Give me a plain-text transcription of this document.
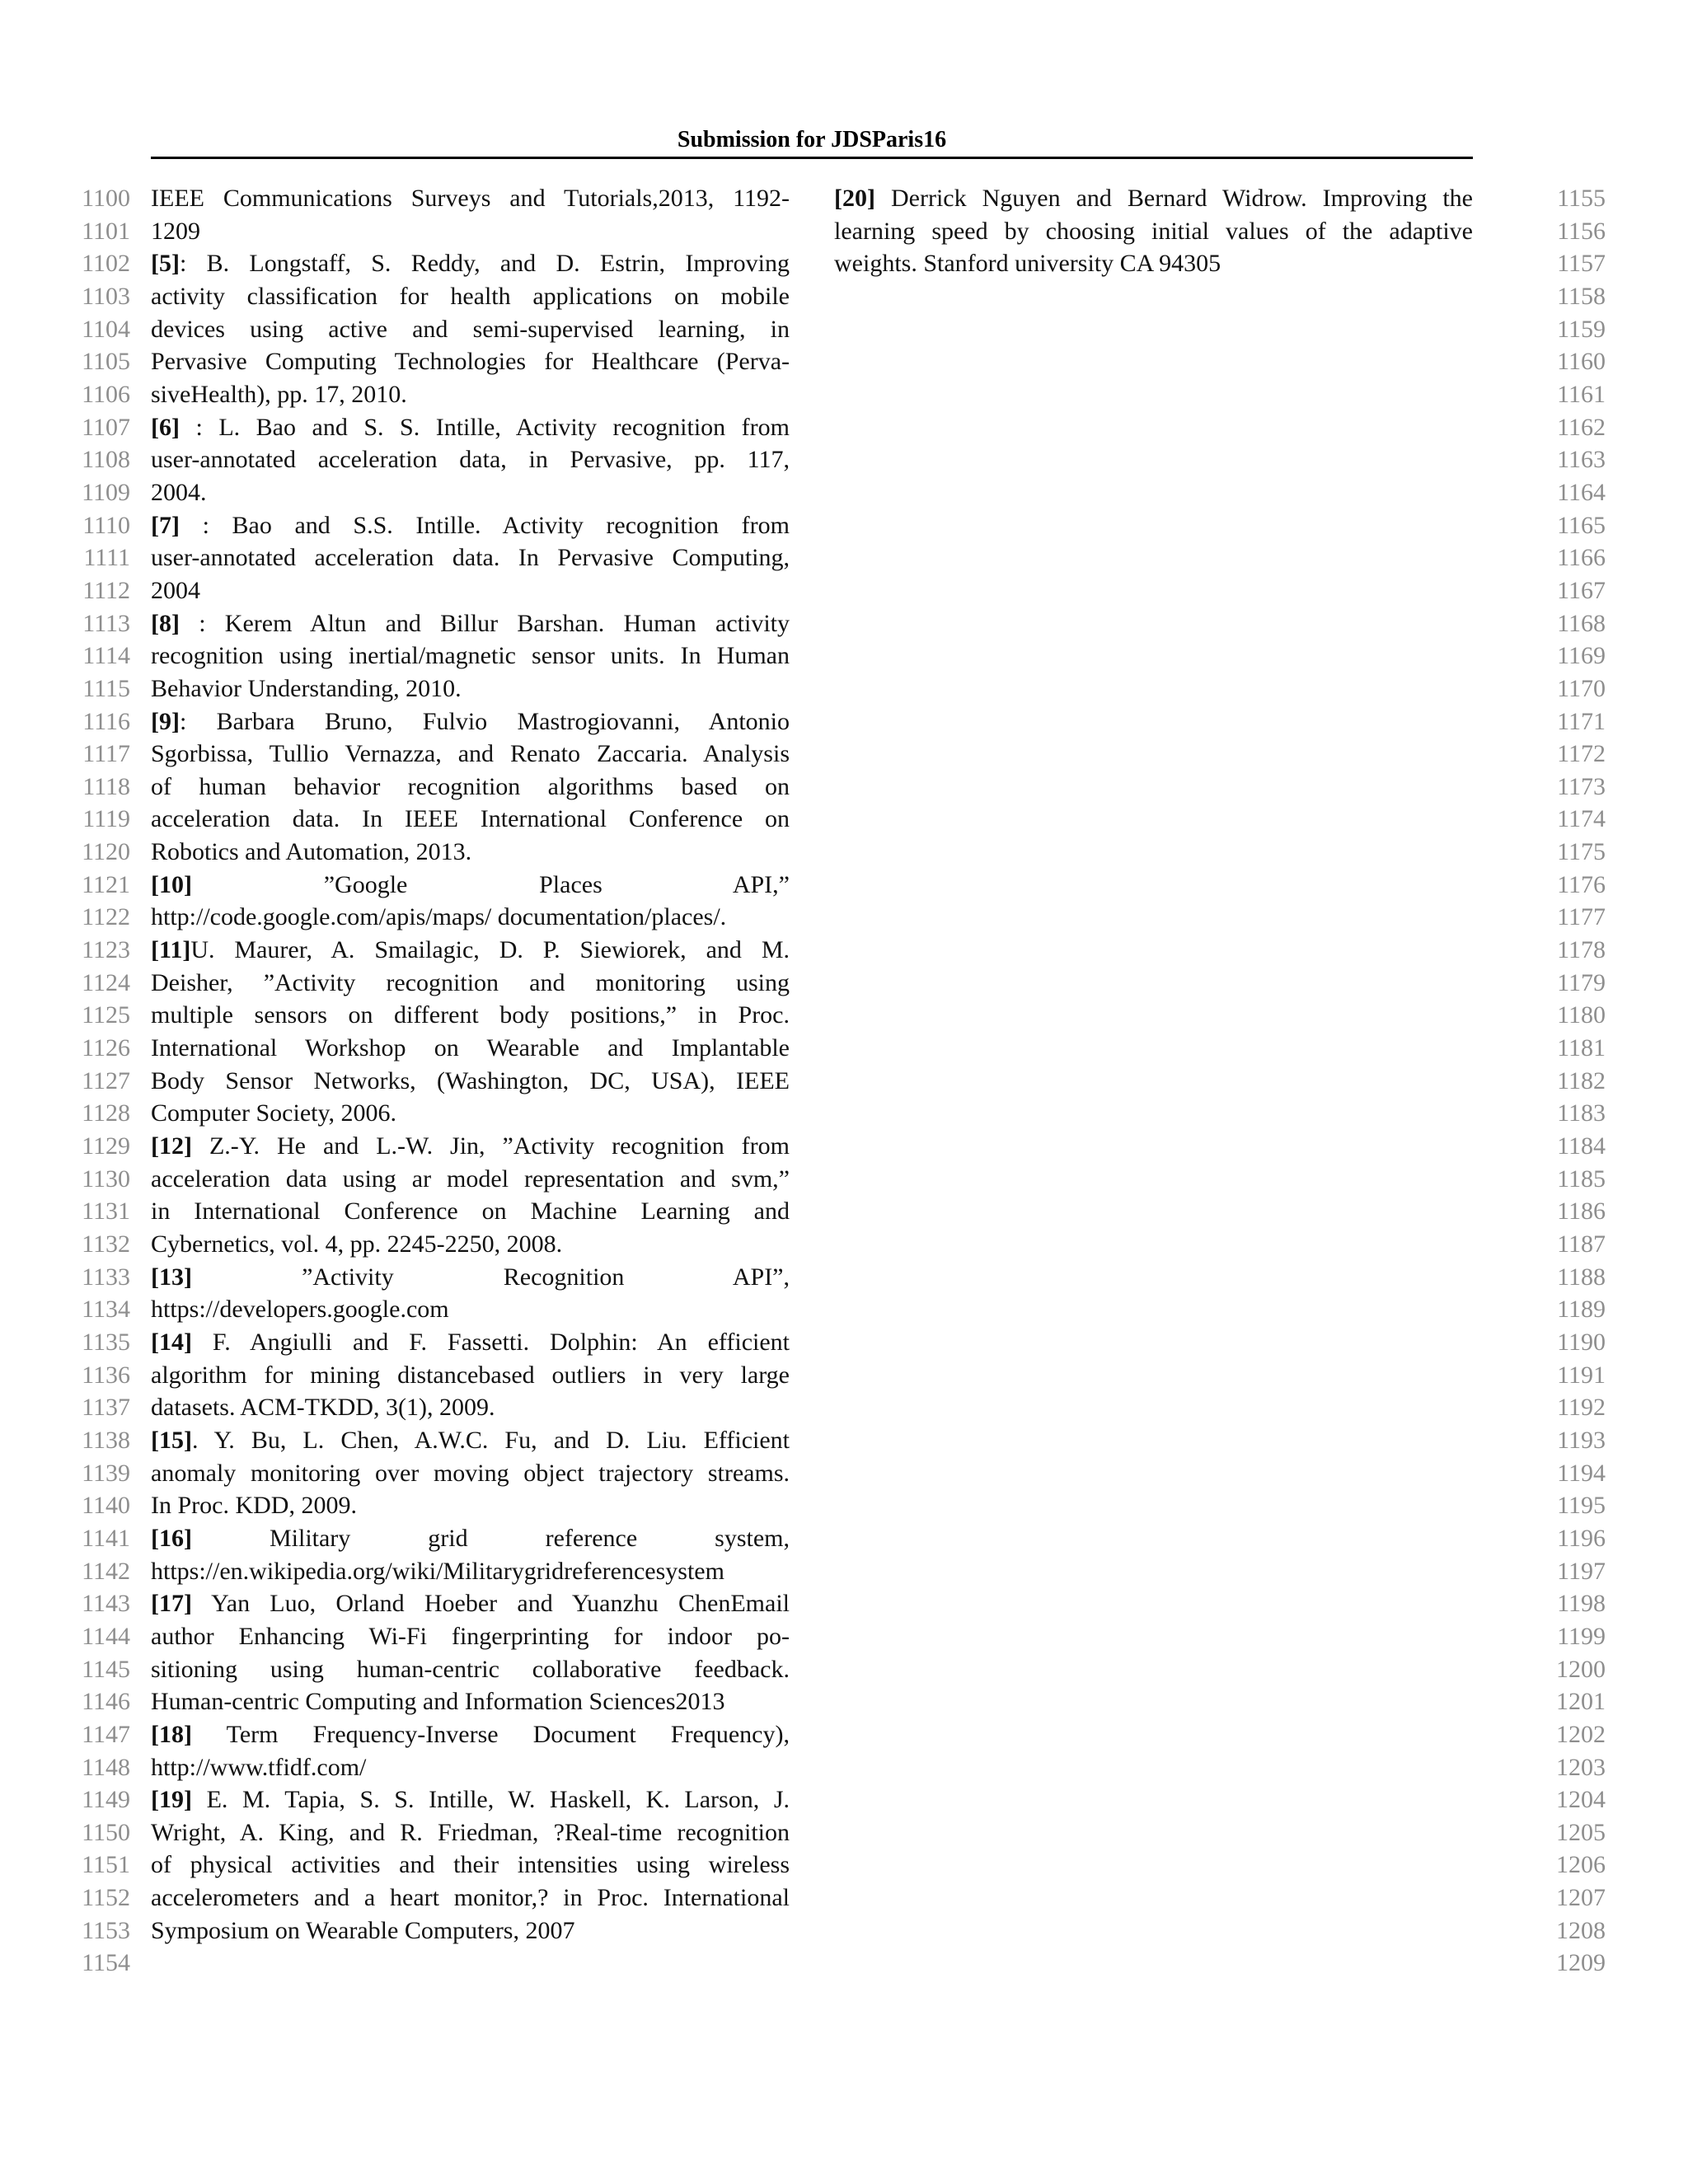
Submission for JDSParis16
1100
1101
1102
1103
1104
1105
1106
1107
1108
1109
1110
1111
1112
1113
1114
1115
1116
1117
1118
1119
1120
1121
1122
1123
1124
1125
1126
1127
1128
1129
1130
1131
1132
1133
1134
1135
1136
1137
1138
1139
1140
1141
1142
1143
1144
1145
1146
1147
1148
1149
1150
1151
1152
1153
1154
1155
1156
1157
1158
1159
1160
1161
1162
1163
1164
1165
1166
1167
1168
1169
1170
1171
1172
1173
1174
1175
1176
1177
1178
1179
1180
1181
1182
1183
1184
1185
1186
1187
1188
1189
1190
1191
1192
1193
1194
1195
1196
1197
1198
1199
1200
1201
1202
1203
1204
1205
1206
1207
1208
1209
IEEE Communications Surveys and Tutorials,2013, 1192-
1209
[5]: B. Longstaff, S. Reddy, and D. Estrin, Improving
activity classification for health applications on mobile
devices using active and semi-supervised learning, in
Pervasive Computing Technologies for Healthcare (Perva-
siveHealth), pp. 17, 2010.
[6] : L. Bao and S. S. Intille, Activity recognition from
user-annotated acceleration data, in Pervasive, pp. 117,
2004.
[7] : Bao and S.S. Intille. Activity recognition from
user-annotated acceleration data. In Pervasive Computing,
2004
[8] : Kerem Altun and Billur Barshan. Human activity
recognition using inertial/magnetic sensor units. In Human
Behavior Understanding, 2010.
[9]: Barbara Bruno, Fulvio Mastrogiovanni, Antonio
Sgorbissa, Tullio Vernazza, and Renato Zaccaria. Analysis
of human behavior recognition algorithms based on
acceleration data. In IEEE International Conference on
Robotics and Automation, 2013.
[10] ”Google Places API,”
http://code.google.com/apis/maps/ documentation/places/.
[11]U. Maurer, A. Smailagic, D. P. Siewiorek, and M.
Deisher, ”Activity recognition and monitoring using
multiple sensors on different body positions,” in Proc.
International Workshop on Wearable and Implantable
Body Sensor Networks, (Washington, DC, USA), IEEE
Computer Society, 2006.
[12] Z.-Y. He and L.-W. Jin, ”Activity recognition from
acceleration data using ar model representation and svm,”
in International Conference on Machine Learning and
Cybernetics, vol. 4, pp. 2245-2250, 2008.
[13] ”Activity Recognition API”,
https://developers.google.com
[14] F. Angiulli and F. Fassetti. Dolphin: An efficient
algorithm for mining distancebased outliers in very large
datasets. ACM-TKDD, 3(1), 2009.
[15]. Y. Bu, L. Chen, A.W.C. Fu, and D. Liu. Efficient
anomaly monitoring over moving object trajectory streams.
In Proc. KDD, 2009.
[16] Military grid reference system,
https://en.wikipedia.org/wiki/Militarygridreferencesystem
[17] Yan Luo, Orland Hoeber and Yuanzhu ChenEmail
author Enhancing Wi-Fi fingerprinting for indoor po-
sitioning using human-centric collaborative feedback.
Human-centric Computing and Information Sciences2013
[18] Term Frequency-Inverse Document Frequency),
http://www.tfidf.com/
[19] E. M. Tapia, S. S. Intille, W. Haskell, K. Larson, J.
Wright, A. King, and R. Friedman, ?Real-time recognition
of physical activities and their intensities using wireless
accelerometers and a heart monitor,? in Proc. International
Symposium on Wearable Computers, 2007
[20] Derrick Nguyen and Bernard Widrow. Improving the
learning speed by choosing initial values of the adaptive
weights. Stanford university CA 94305
